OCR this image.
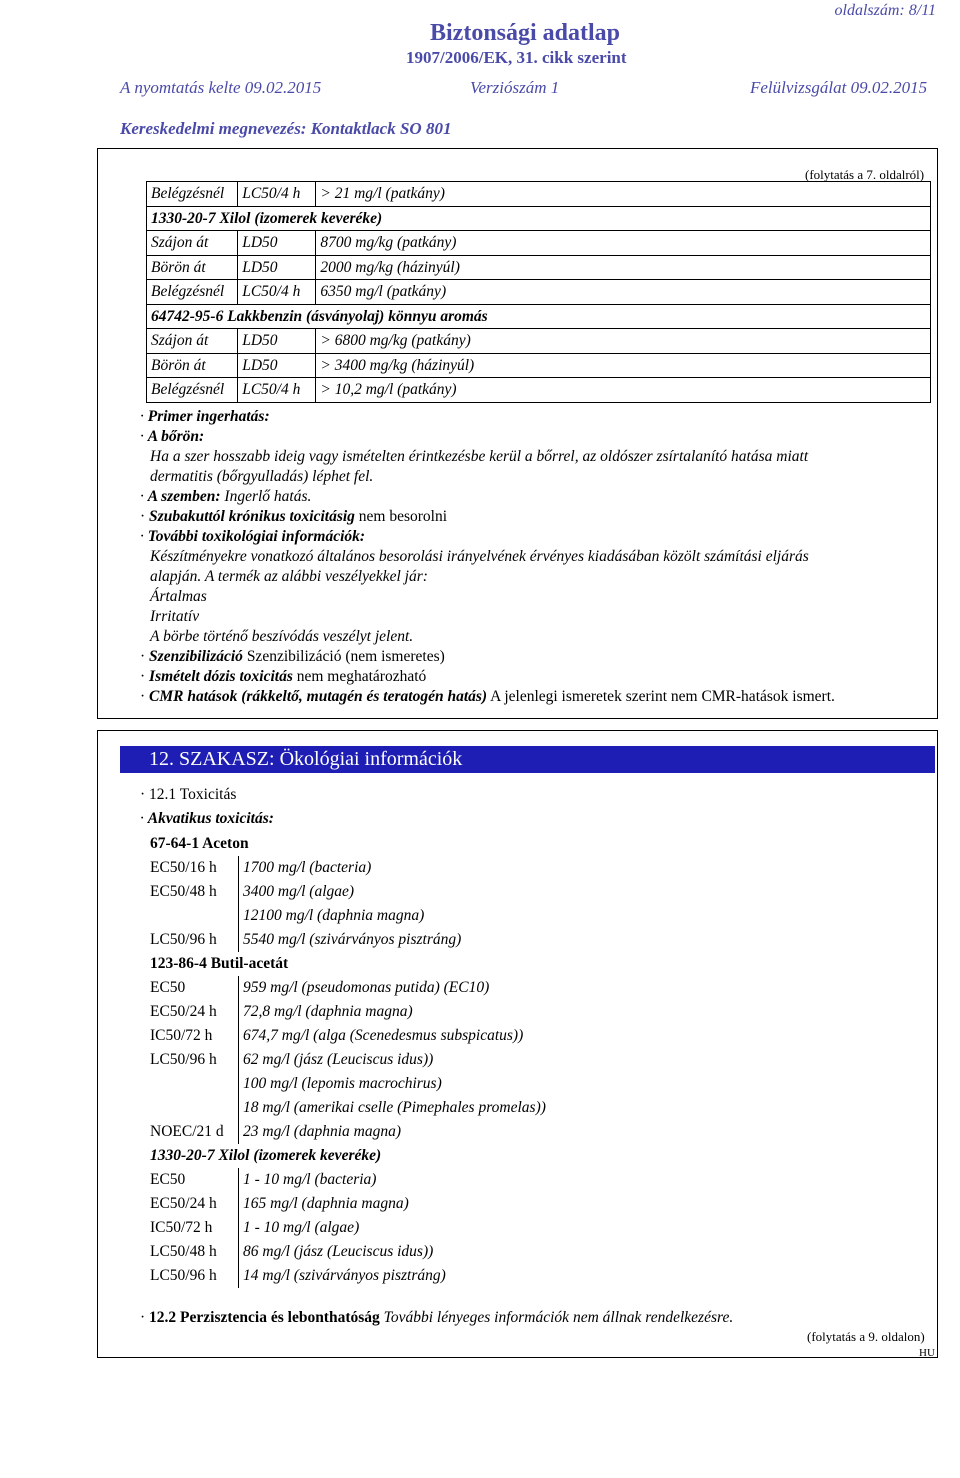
oldalszám: 8/11
Biztonsági adatlap
1907/2006/EK, 31. cikk szerint
A nyomtatás kelte 09.02.2015	Verziószám 1	Felülvizsgálat 09.02.2015
Kereskedelmi megnevezés: Kontaktlack SO 801
(folytatás a 7. oldalról)
Belégzésnél	LC50/4 h	> 21 mg/l (patkány)
1330-20-7 Xilol (izomerek keveréke)		
Szájon át	LD50	8700 mg/kg (patkány)
Börön át	LD50	2000 mg/kg (házinyúl)
Belégzésnél	LC50/4 h	6350 mg/l (patkány)
64742-95-6 Lakkbenzin (ásványolaj) könnyu aromás		
Szájon át	LD50	> 6800 mg/kg (patkány)
Börön át	LD50	> 3400 mg/kg (házinyúl)
Belégzésnél	LC50/4 h	> 10,2 mg/l (patkány)
· Primer ingerhatás:
· A bőrön:
Ha a szer hosszabb ideig vagy ismételten érintkezésbe kerül a bőrrel, az oldószer zsírtalanító hatása miatt
dermatitis (bőrgyulladás) léphet fel.
· A szemben: Ingerlő hatás.
· Szubakuttól krónikus toxicitásig nem besorolni
· További toxikológiai információk:
Készítményekre vonatkozó általános besorolási irányelvének érvényes kiadásában közölt számítási eljárás
alapján. A termék az alábbi veszélyekkel jár:
Ártalmas
Irritatív
A börbe történő beszívódás veszélyt jelent.
· Szenzibilizáció Szenzibilizáció (nem ismeretes)
· Ismételt dózis toxicitás nem meghatározható
· CMR hatások (rákkeltő, mutagén és teratogén hatás) A jelenlegi ismeretek szerint nem CMR-hatások ismert.
12. SZAKASZ: Ökológiai információk
· 12.1 Toxicitás
· Akvatikus toxicitás:
67-64-1 Aceton	
EC50/16 h	1700 mg/l (bacteria)
EC50/48 h	3400 mg/l (algae)
	12100 mg/l (daphnia magna)
LC50/96 h	5540 mg/l (szivárványos pisztráng)
123-86-4 Butil-acetát	
EC50	959 mg/l (pseudomonas putida) (EC10)
EC50/24 h	72,8 mg/l (daphnia magna)
IC50/72 h	674,7 mg/l (alga (Scenedesmus subspicatus))
LC50/96 h	62 mg/l (jász (Leuciscus idus))
	100 mg/l (lepomis macrochirus)
	18 mg/l (amerikai cselle (Pimephales promelas))
NOEC/21 d	23 mg/l (daphnia magna)
1330-20-7 Xilol (izomerek keveréke)	
EC50	1 - 10 mg/l (bacteria)
EC50/24 h	165 mg/l (daphnia magna)
IC50/72 h	1 - 10 mg/l (algae)
LC50/48 h	86 mg/l (jász (Leuciscus idus))
LC50/96 h	14 mg/l (szivárványos pisztráng)
· 12.2 Perzisztencia és lebonthatóság További lényeges információk nem állnak rendelkezésre.
(folytatás a 9. oldalon)
HU
